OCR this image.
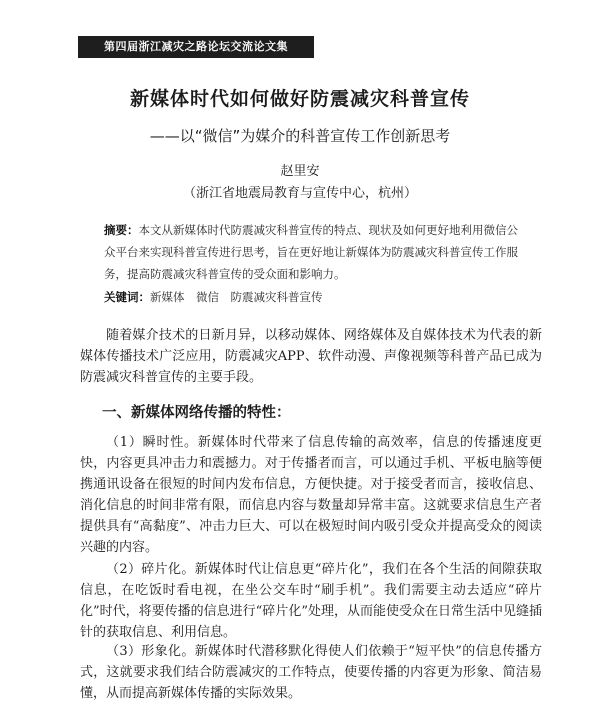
第四届浙江减灾之路论坛交流论文集
新媒体时代如何做好防震减灾科普宣传
——以“微信”为媒介的科普宣传工作创新思考
赵里安
（浙江省地震局教育与宣传中心，杭州）
摘要：本文从新媒体时代防震减灾科普宣传的特点、现状及如何更好地利用微信公众平台来实现科普宣传进行思考，旨在更好地让新媒体为防震减灾科普宣传工作服务，提高防震减灾科普宣传的受众面和影响力。
关键词：新媒体　微信　防震减灾科普宣传

随着媒介技术的日新月异，以移动媒体、网络媒体及自媒体技术为代表的新媒体传播技术广泛应用，防震减灾APP、软件动漫、声像视频等科普产品已成为防震减灾科普宣传的主要手段。

一、新媒体网络传播的特性：

（1）瞬时性。新媒体时代带来了信息传输的高效率，信息的传播速度更快，内容更具冲击力和震撼力。对于传播者而言，可以通过手机、平板电脑等便携通讯设备在很短的时间内发布信息，方便快捷。对于接受者而言，接收信息、消化信息的时间非常有限，而信息内容与数量却异常丰富。这就要求信息生产者提供具有“高黏度”、冲击力巨大、可以在极短时间内吸引受众并提高受众的阅读兴趣的内容。

（2）碎片化。新媒体时代让信息更“碎片化”，我们在各个生活的间隙获取信息，在吃饭时看电视，在坐公交车时“刷手机”。我们需要主动去适应“碎片化”时代，将要传播的信息进行“碎片化”处理，从而能使受众在日常生活中见缝插针的获取信息、利用信息。

（3）形象化。新媒体时代潜移默化得使人们依赖于“短平快”的信息传播方式，这就要求我们结合防震减灾的工作特点，使要传播的内容更为形象、简洁易懂，从而提高新媒体传播的实际效果。
